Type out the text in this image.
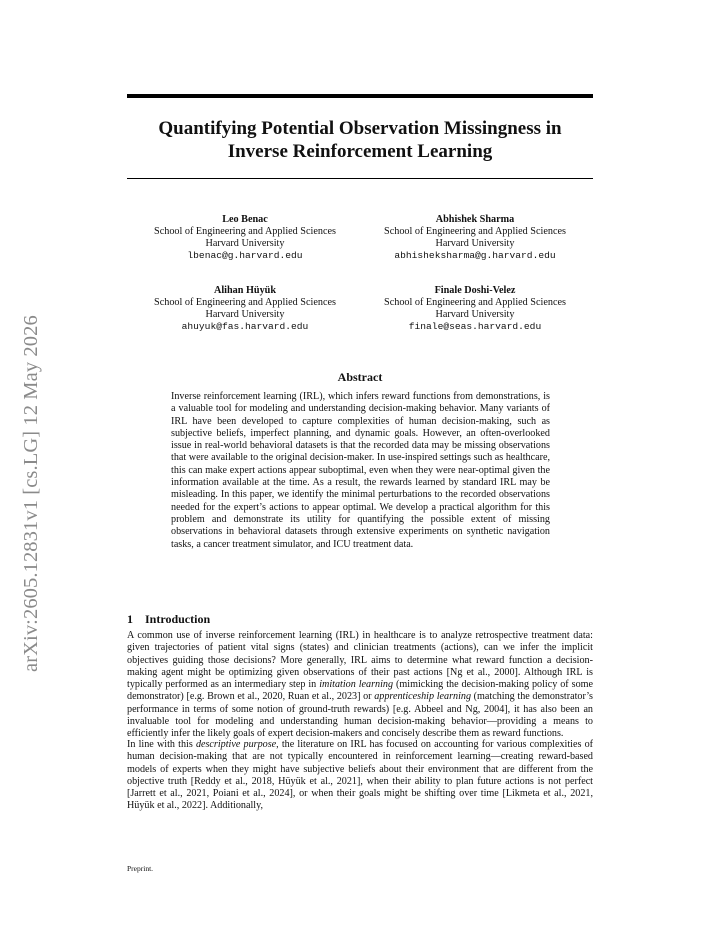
arXiv:2605.12831v1 [cs.LG] 12 May 2026
Quantifying Potential Observation Missingness in
Inverse Reinforcement Learning
Leo Benac
School of Engineering and Applied Sciences
Harvard University
lbenac@g.harvard.edu
Abhishek Sharma
School of Engineering and Applied Sciences
Harvard University
abhisheksharma@g.harvard.edu
Alihan Hüyük
School of Engineering and Applied Sciences
Harvard University
ahuyuk@fas.harvard.edu
Finale Doshi-Velez
School of Engineering and Applied Sciences
Harvard University
finale@seas.harvard.edu
Abstract
Inverse reinforcement learning (IRL), which infers reward functions from demonstrations, is a valuable tool for modeling and understanding decision-making behavior. Many variants of IRL have been developed to capture complexities of human decision-making, such as subjective beliefs, imperfect planning, and dynamic goals. However, an often-overlooked issue in real-world behavioral datasets is that the recorded data may be missing observations that were available to the original decision-maker. In use-inspired settings such as healthcare, this can make expert actions appear suboptimal, even when they were near-optimal given the information available at the time. As a result, the rewards learned by standard IRL may be misleading. In this paper, we identify the minimal perturbations to the recorded observations needed for the expert’s actions to appear optimal. We develop a practical algorithm for this problem and demonstrate its utility for quantifying the possible extent of missing observations in behavioral datasets through extensive experiments on synthetic navigation tasks, a cancer treatment simulator, and ICU treatment data.
1 Introduction
A common use of inverse reinforcement learning (IRL) in healthcare is to analyze retrospective treatment data: given trajectories of patient vital signs (states) and clinician treatments (actions), can we infer the implicit objectives guiding those decisions? More generally, IRL aims to determine what reward function a decision-making agent might be optimizing given observations of their past actions [Ng et al., 2000]. Although IRL is typically performed as an intermediary step in imitation learning (mimicking the decision-making policy of some demonstrator) [e.g. Brown et al., 2020, Ruan et al., 2023] or apprenticeship learning (matching the demonstrator’s performance in terms of some notion of ground-truth rewards) [e.g. Abbeel and Ng, 2004], it has also been an invaluable tool for modeling and understanding human decision-making behavior—providing a means to efficiently infer the likely goals of expert decision-makers and concisely describe them as reward functions.
In line with this descriptive purpose, the literature on IRL has focused on accounting for various complexities of human decision-making that are not typically encountered in reinforcement learning—creating reward-based models of experts when they might have subjective beliefs about their environment that are different from the objective truth [Reddy et al., 2018, Hüyük et al., 2021], when their ability to plan future actions is not perfect [Jarrett et al., 2021, Poiani et al., 2024], or when their goals might be shifting over time [Likmeta et al., 2021, Hüyük et al., 2022]. Additionally,
Preprint.
